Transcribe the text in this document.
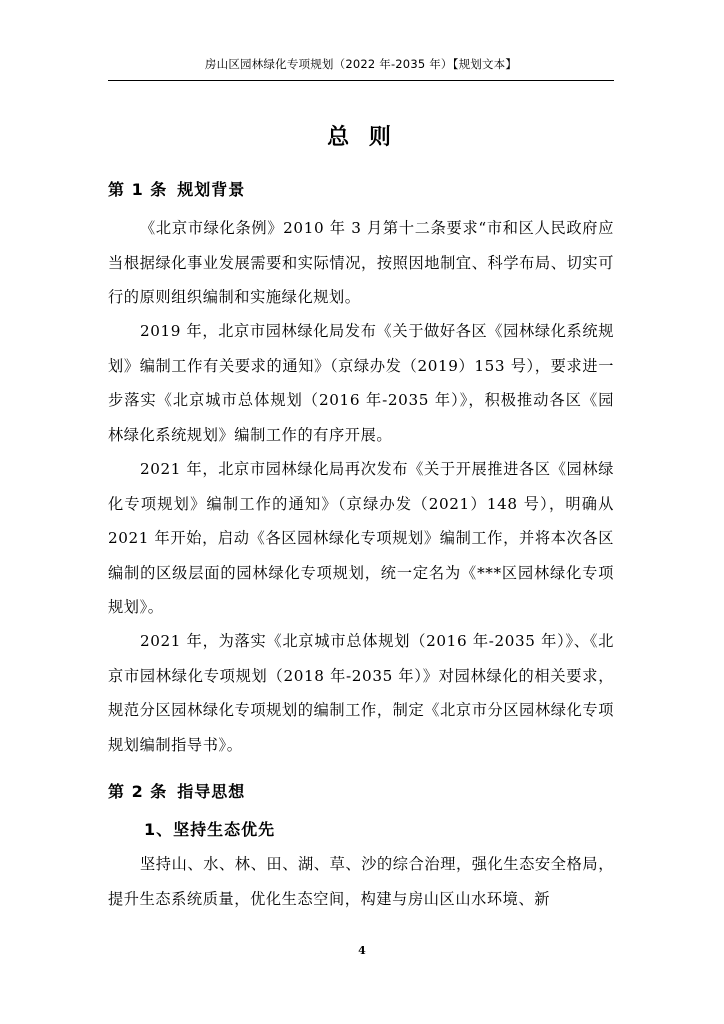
房山区园林绿化专项规划（2022 年-2035 年）【规划文本】
总 则
第 1 条 规划背景

《北京市绿化条例》2010 年 3 月第十二条要求“市和区人民政府应当根据绿化事业发展需要和实际情况，按照因地制宜、科学布局、切实可行的原则组织编制和实施绿化规划。

2019 年，北京市园林绿化局发布《关于做好各区《园林绿化系统规划》编制工作有关要求的通知》（京绿办发（2019）153 号），要求进一步落实《北京城市总体规划（2016 年-2035 年）》，积极推动各区《园林绿化系统规划》编制工作的有序开展。

2021 年，北京市园林绿化局再次发布《关于开展推进各区《园林绿化专项规划》编制工作的通知》（京绿办发（2021）148 号），明确从 2021 年开始，启动《各区园林绿化专项规划》编制工作，并将本次各区编制的区级层面的园林绿化专项规划，统一定名为《***区园林绿化专项规划》。

2021 年，为落实《北京城市总体规划（2016 年-2035 年）》、《北京市园林绿化专项规划（2018 年-2035 年）》对园林绿化的相关要求，规范分区园林绿化专项规划的编制工作，制定《北京市分区园林绿化专项规划编制指导书》。

第 2 条 指导思想
1、坚持生态优先

坚持山、水、林、田、湖、草、沙的综合治理，强化生态安全格局，提升生态系统质量，优化生态空间，构建与房山区山水环境、新

4
